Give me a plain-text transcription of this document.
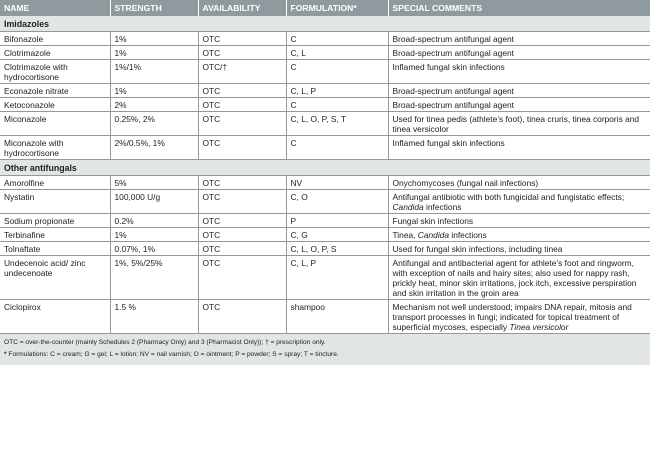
NAME	STRENGTH	AVAILABILITY	FORMULATION*	SPECIAL COMMENTS
Imidazoles				
Bifonazole	1%	OTC	C	Broad-spectrum antifungal agent
Clotrimazole	1%	OTC	C, L	Broad-spectrum antifungal agent
Clotrimazole with hydrocortisone	1%/1%	OTC/†	C	Inflamed fungal skin infections
Econazole nitrate	1%	OTC	C, L, P	Broad-spectrum antifungal agent
Ketoconazole	2%	OTC	C	Broad-spectrum antifungal agent
Miconazole	0.25%, 2%	OTC	C, L, O, P, S, T	Used for tinea pedis (athlete’s foot), tinea cruris, tinea corporis and tinea versicolor
Miconazole with hydrocortisone	2%/0.5%, 1%	OTC	C	Inflamed fungal skin infections
Other antifungals				
Amorolfine	5%	OTC	NV	Onychomycoses (fungal nail infections)
Nystatin	100,000 U/g	OTC	C, O	Antifungal antibiotic with both fungicidal and fungistatic effects; Candida infections
Sodium propionate	0.2%	OTC	P	Fungal skin infections
Terbinafine	1%	OTC	C, G	Tinea, Candida infections
Tolnaftate	0.07%, 1%	OTC	C, L, O, P, S	Used for fungal skin infections, including tinea
Undecenoic acid/ zinc undecenoate	1%, 5%/25%	OTC	C, L, P	Antifungal and antibacterial agent for athlete’s foot and ringworm, with exception of nails and hairy sites; also used for nappy rash, prickly heat, minor skin irritations, jock itch, excessive perspiration and skin irritation in the groin area
Ciclopirox	1.5 %	OTC	shampoo	Mechanism not well understood; impairs DNA repair, mitosis and transport processes in fungi; indicated for topical treatment of superficial mycoses, especially Tinea versicolor

OTC = over-the-counter (mainly Schedules 2 (Pharmacy Only) and 3 (Pharmacist Only)); † = prescription only.

* Formulations: C = cream; G = gel; L = lotion; NV = nail varnish; O = ointment; P = powder; S = spray; T = tincture.
